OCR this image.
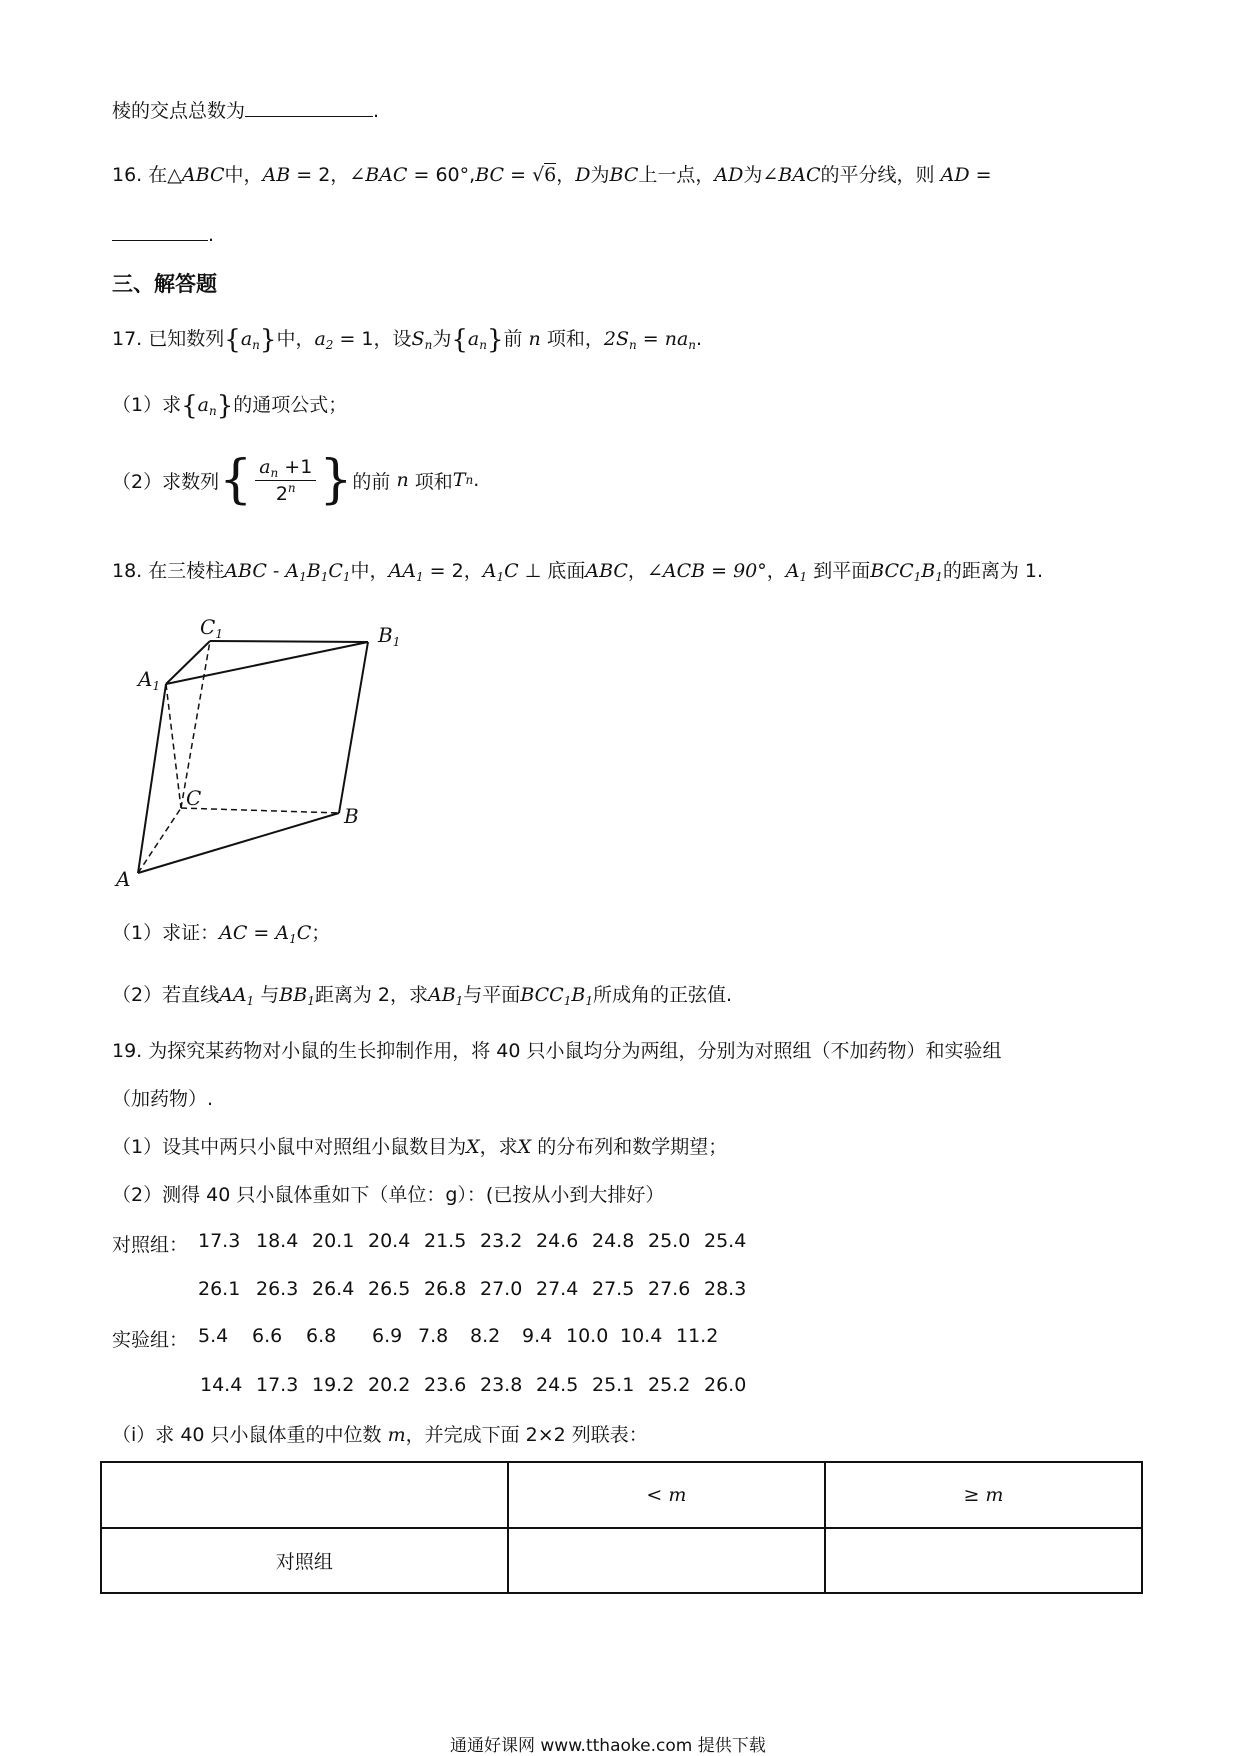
棱的交点总数为	.
16. 在△ABC中，AB = 2，∠BAC = 60°,BC = √6，D为BC上一点，AD为∠BAC的平分线，则 AD =
.
三、解答题
17. 已知数列$\{a_n\}$中，$a_2 = 1$，设$S_n$为$\{a_n\}$前 n 项和，$2S_n = na_n$.
（1）求$\{a_n\}$的通项公式；
（2）求数列 { $\frac{a_n +1}{2^n}$ } 的前
n
项和 T n .
18. 在三棱柱ABC - $A_1B_1C_1$中，$AA_1 = 2$，$A_1C$ ⊥ 底面ABC，∠ACB = 90°，$A_1$ 到平面$BCC_1B_1$的距离为 1.
$C_1$	$B_1$
$A_1$
C
B
A
（1）求证：AC = $A_1C$；
（2）若直线$AA_1$ 与$BB_1$距离为 2，求$AB_1$与平面$BCC_1B_1$所成角的正弦值.
19. 为探究某药物对小鼠的生长抑制作用，将 40 只小鼠均分为两组，分别为对照组（不加药物）和实验组
（加药物）.
（1）设其中两只小鼠中对照组小鼠数目为X，求X 的分布列和数学期望；
（2）测得 40 只小鼠体重如下（单位：g）：(已按从小到大排好）
对照组： 17.3 18.4 20.1 20.4 21.5 23.2 24.6 24.8 25.0 25.4
26.1 26.3 26.4 26.5 26.8 27.0 27.4 27.5 27.6 28.3
实验组： 5.4 6.6 6.8 6.9 7.8 8.2 9.4 10.0 10.4 11.2
14.4 17.3 19.2 20.2 23.6 23.8 24.5 25.1 25.2 26.0
（i）求 40 只小鼠体重的中位数 m，并完成下面 2×2 列联表：
	< m	≥ m
对照组		
通通好课网 www.tthaoke.com 提供下载
